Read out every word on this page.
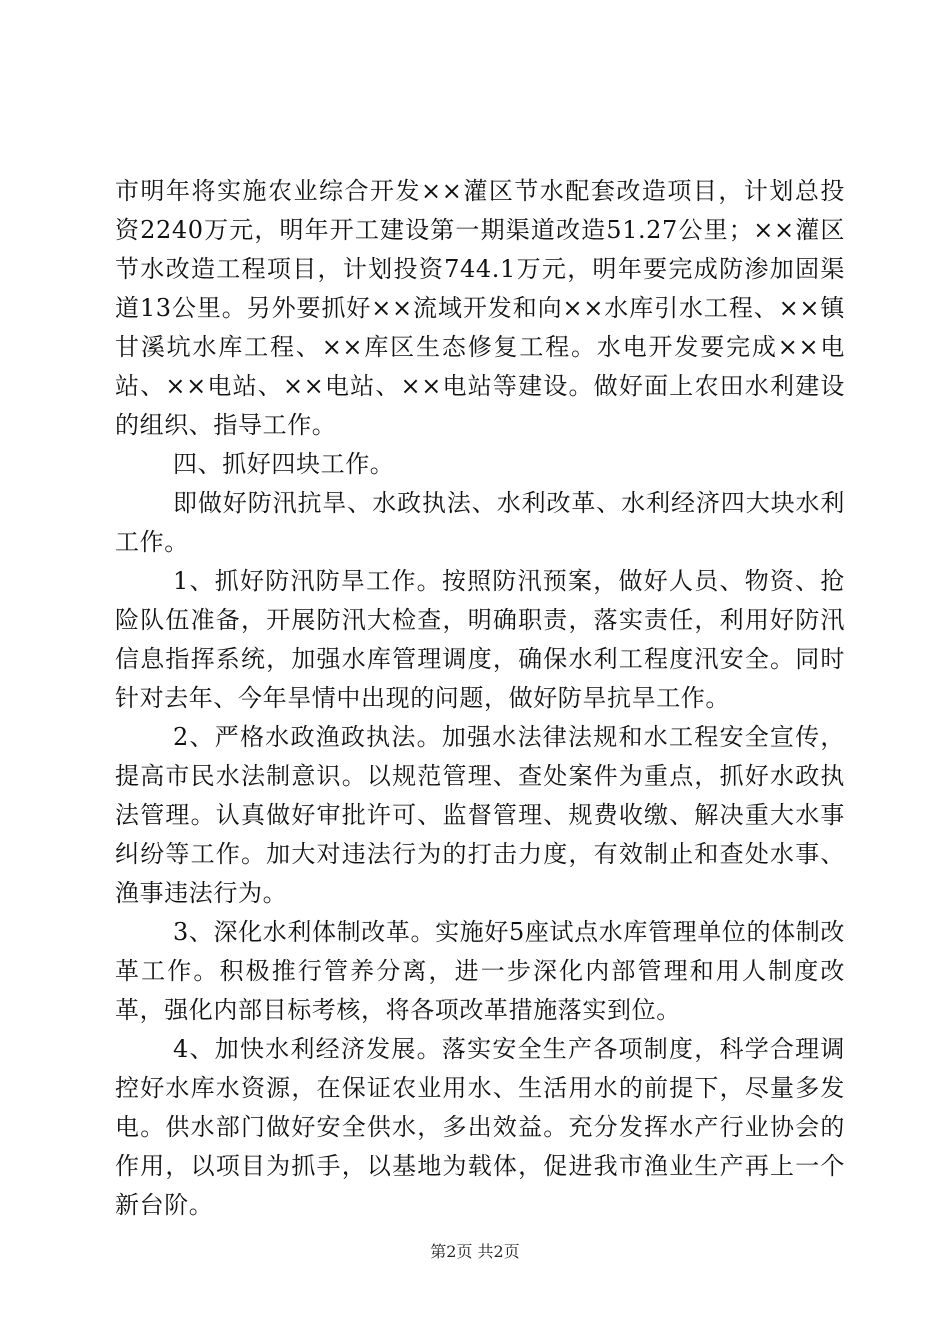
市明年将实施农业综合开发××灌区节水配套改造项目，计划总投资2240万元，明年开工建设第一期渠道改造51.27公里；××灌区节水改造工程项目，计划投资744.1万元，明年要完成防渗加固渠道13公里。另外要抓好××流域开发和向××水库引水工程、××镇甘溪坑水库工程、××库区生态修复工程。水电开发要完成××电站、××电站、××电站、××电站等建设。做好面上农田水利建设的组织、指导工作。

四、抓好四块工作。

即做好防汛抗旱、水政执法、水利改革、水利经济四大块水利工作。

1、抓好防汛防旱工作。按照防汛预案，做好人员、物资、抢险队伍准备，开展防汛大检查，明确职责，落实责任，利用好防汛信息指挥系统，加强水库管理调度，确保水利工程度汛安全。同时针对去年、今年旱情中出现的问题，做好防旱抗旱工作。

2、严格水政渔政执法。加强水法律法规和水工程安全宣传，提高市民水法制意识。以规范管理、查处案件为重点，抓好水政执法管理。认真做好审批许可、监督管理、规费收缴、解决重大水事纠纷等工作。加大对违法行为的打击力度，有效制止和查处水事、渔事违法行为。

3、深化水利体制改革。实施好5座试点水库管理单位的体制改革工作。积极推行管养分离，进一步深化内部管理和用人制度改革，强化内部目标考核，将各项改革措施落实到位。

4、加快水利经济发展。落实安全生产各项制度，科学合理调控好水库水资源，在保证农业用水、生活用水的前提下，尽量多发电。供水部门做好安全供水，多出效益。充分发挥水产行业协会的作用，以项目为抓手，以基地为载体，促进我市渔业生产再上一个新台阶。

第2页 共2页
